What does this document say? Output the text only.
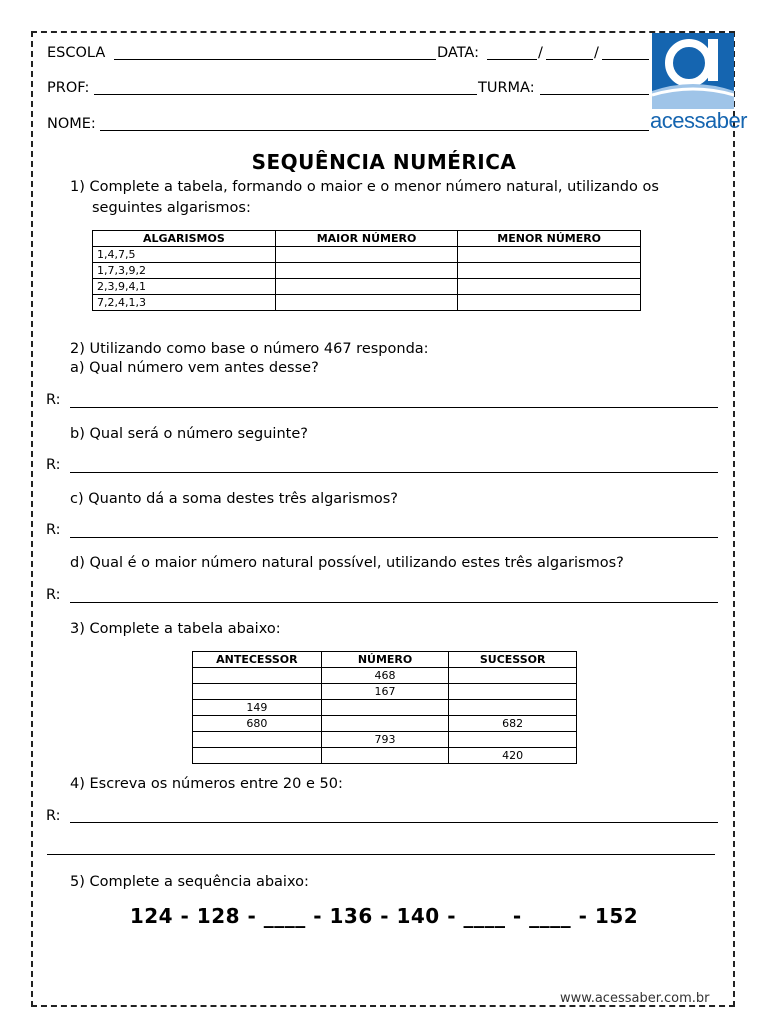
ESCOLA	DATA:	/	/
PROF:	TURMA:
NOME:	acessaber
SEQUÊNCIA NUMÉRICA
1) Complete a tabela, formando o maior e o menor número natural, utilizando os
seguintes algarismos:
ALGARISMOS	MAIOR NÚMERO	MENOR NÚMERO
1,4,7,5		
1,7,3,9,2		
2,3,9,4,1		
7,2,4,1,3		
2) Utilizando como base o número 467 responda:
a) Qual número vem antes desse?
R:
b) Qual será o número seguinte?
R:
c) Quanto dá a soma destes três algarismos?
R:
d) Qual é o maior número natural possível, utilizando estes três algarismos?
R:
3) Complete a tabela abaixo:
ANTECESSOR	NÚMERO	SUCESSOR
	468	
	167	
149		
680		682
	793	
		420
4) Escreva os números entre 20 e 50:
R:
5) Complete a sequência abaixo:
124 - 128 - ____ - 136 - 140 - ____ - ____ - 152
www.acessaber.com.br
